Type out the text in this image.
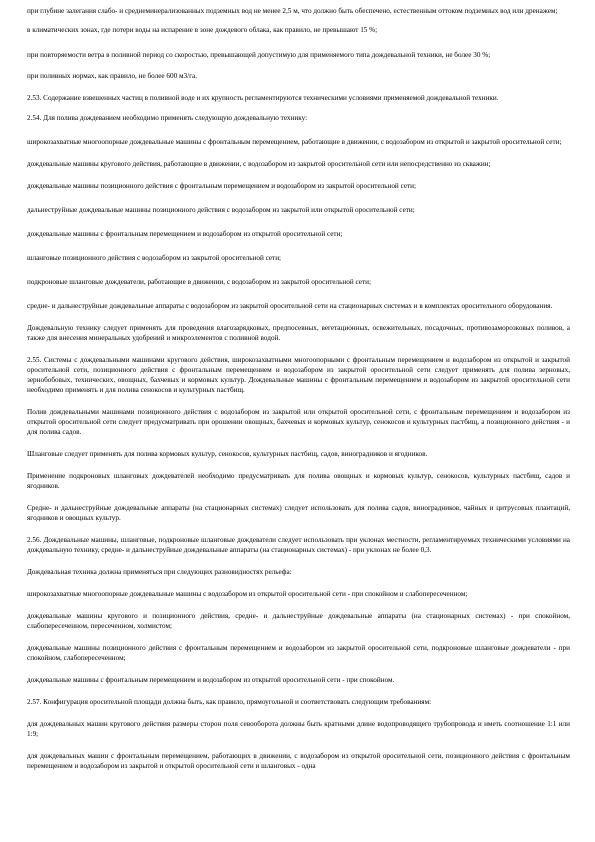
при глубине залегания слабо- и среднеминерализованных подземных вод не менее 2,5 м, что должно быть обеспечено, естественным оттоком подземных вод или дренажем;

в климатических зонах, где потери воды на испарение в зоне дождевого облака, как правило, не превышают 15 %;

при повторяемости ветра в поливной период со скоростью, превышающей допустимую для применяемого типа дождевальной техники, не более 30 %;

при поливных нормах, как правило, не более 600 м3/га.

2.53. Содержание взвешенных частиц в поливной воде и их крупность регламентируются техническими условиями применяемой дождевальной техники.

2.54. Для полива дождеванием необходимо применять следующую дождевальную технику:

широкозахватные многоопорные дождевальные машины с фронтальным перемещением, работающие в движении, с водозабором из открытой и закрытой оросительной сети;

дождевальные машины кругового действия, работающие в движении, с водозабором из закрытой оросительной сети или непосредственно из скважин;

дождевальные машины позиционного действия с фронтальным перемещением и водозабором из закрытой оросительной сети;

дальнеструйные дождевальные машины позиционного действия с водозабором из закрытой или открытой оросительной сети;

дождевальные машины с фронтальным перемещением и водозабором из открытой оросительной сети;

шланговые позиционного действия с водозабором из закрытой оросительной сети;

подкроновые шланговые дождеватели, работающие в движении, с водозабором из закрытой оросительной сети;

средне- и дальнеструйные дождевальные аппараты с водозабором из закрытой оросительной сети на стационарных системах и в комплектах оросительного оборудования.

Дождевальную технику следует применять для проведения влагозарядковых, предпосевных, вегетационных, освежительных, посадочных, противозаморозковых поливов, а также для внесения минеральных удобрений и микроэлементов с поливной водой.

2.55. Системы с дождевальными машинами кругового действия, широкозахватными многоопорными с фронтальным перемещением и водозабором из открытой и закрытой оросительной сети, позиционного действия с фронтальным перемещением и водозабором из закрытой оросительной сети следует применять для полива зерновых, зернобобовых, технических, овощных, бахчевых и кормовых культур. Дождевальные машины с фронтальным перемещением и водозабором из закрытой оросительной сети необходимо применять и для полива сенокосов и культурных пастбищ.

Полив дождевальными машинами позиционного действия с водозабором из закрытой или открытой оросительной сети, с фронтальным перемещением и водозабором из открытой оросительной сети следует предусматривать при орошении овощных, бахчевых и кормовых культур, сенокосов и культурных пастбищ, а позиционного действия - и для полива садов.

Шланговые следует применять для полива кормовых культур, сенокосов, культурных пастбищ, садов, виноградников и ягодников.

Применение подкроновых шланговых дождевателей необходимо предусматривать для полива овощных и кормовых культур, сенокосов, культурных пастбищ, садов и ягодников.

Средне- и дальнеструйные дождевальные аппараты (на стационарных системах) следует использовать для полива садов, виноградников, чайных и цитрусовых плантаций, ягодников и овощных культур.

2.56. Дождевальные машины, шланговые, подкроновые шланговые дождеватели следует использовать при уклонах местности, регламентируемых техническими условиями на дождевальную технику, средне- и дальнеструйные дождевальные аппараты (на стационарных системах) - при уклонах не более 0,3.

Дождевальная техника должна применяться при следующих разновидностях рельефа:

широкозахватные многоопорные дождевальные машины с водозабором из открытой оросительной сети - при спокойном и слабопересеченном;

дождевальные машины кругового и позиционного действия, средне- и дальнеструйные дождевальные аппараты (на стационарных системах) - при спокойном, слабопересеченном, пересеченном, холмистом;

дождевальные машины позиционного действия с фронтальным перемещением и водозабором из закрытой оросительной сети, подкроновые шланговые дождеватели - при спокойном, слабопересеченном;

дождевальные машины с фронтальным перемещением и водозабором из открытой оросительной сети - при спокойном.

2.57. Конфигурация оросительной площади должна быть, как правило, прямоугольной и соответствовать следующим требованиям:

для дождевальных машин кругового действия размеры сторон поля севооборота должны быть кратными длине водопроводящего трубопровода и иметь соотношение 1:1 или 1:9;

для дождевальных машин с фронтальным перемещением, работающих в движении, с водозабором из открытой оросительной сети, позиционного действия с фронтальным перемещением и водозабором из закрытой и открытой оросительной сети и шланговых - одна
